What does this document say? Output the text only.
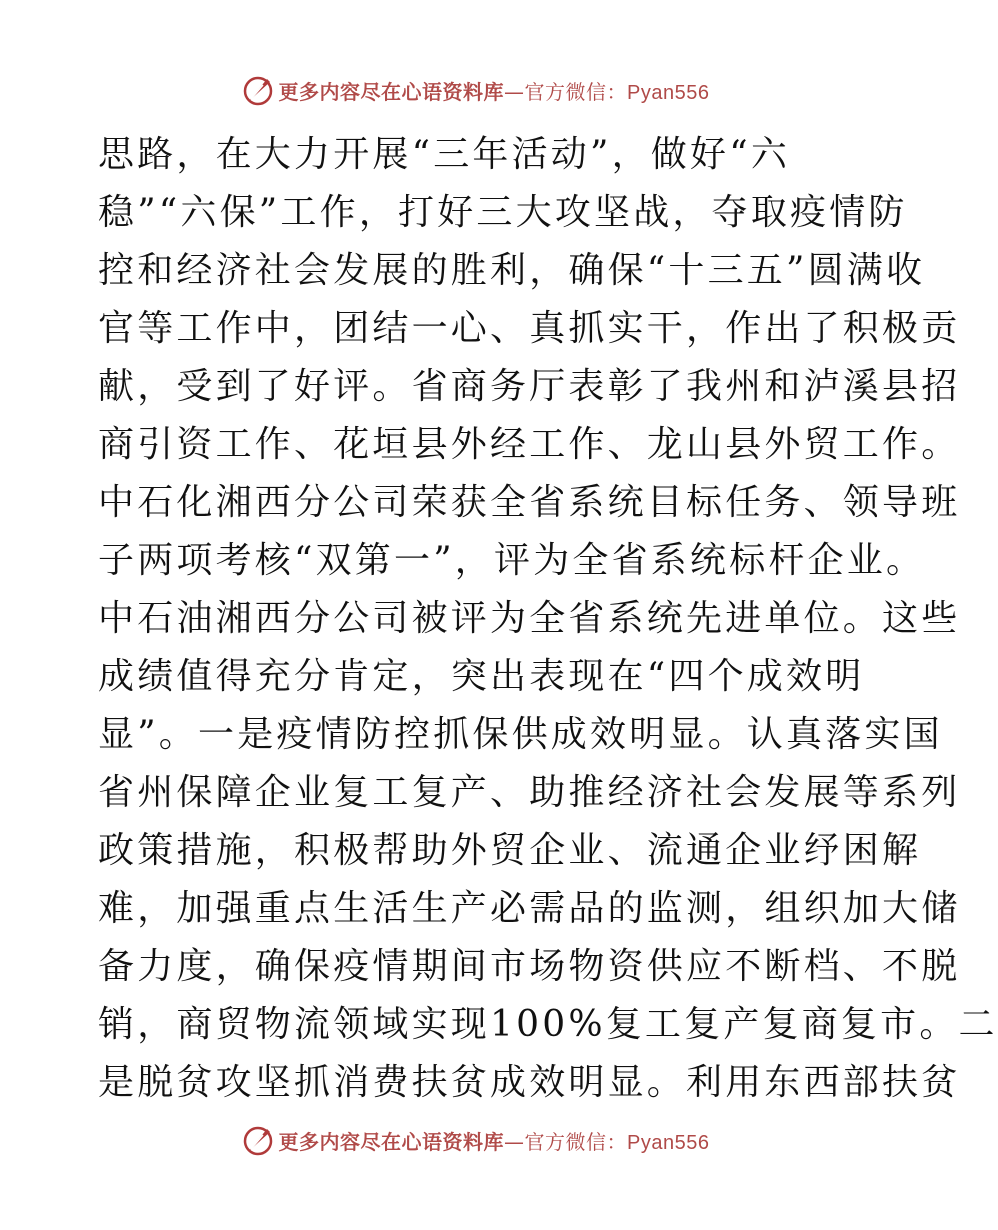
更多内容尽在心语资料库—官方微信：Pyan556
思路，在大力开展“三年活动”，做好“六
稳”“六保”工作，打好三大攻坚战，夺取疫情防
控和经济社会发展的胜利，确保“十三五”圆满收
官等工作中，团结一心、真抓实干，作出了积极贡
献，受到了好评。省商务厅表彰了我州和泸溪县招
商引资工作、花垣县外经工作、龙山县外贸工作。
中石化湘西分公司荣获全省系统目标任务、领导班
子两项考核“双第一”，评为全省系统标杆企业。
中石油湘西分公司被评为全省系统先进单位。这些
成绩值得充分肯定，突出表现在“四个成效明
显”。一是疫情防控抓保供成效明显。认真落实国
省州保障企业复工复产、助推经济社会发展等系列
政策措施，积极帮助外贸企业、流通企业纾困解
难，加强重点生活生产必需品的监测，组织加大储
备力度，确保疫情期间市场物资供应不断档、不脱
销，商贸物流领域实现100%复工复产复商复市。二
是脱贫攻坚抓消费扶贫成效明显。利用东西部扶贫
更多内容尽在心语资料库—官方微信：Pyan556
